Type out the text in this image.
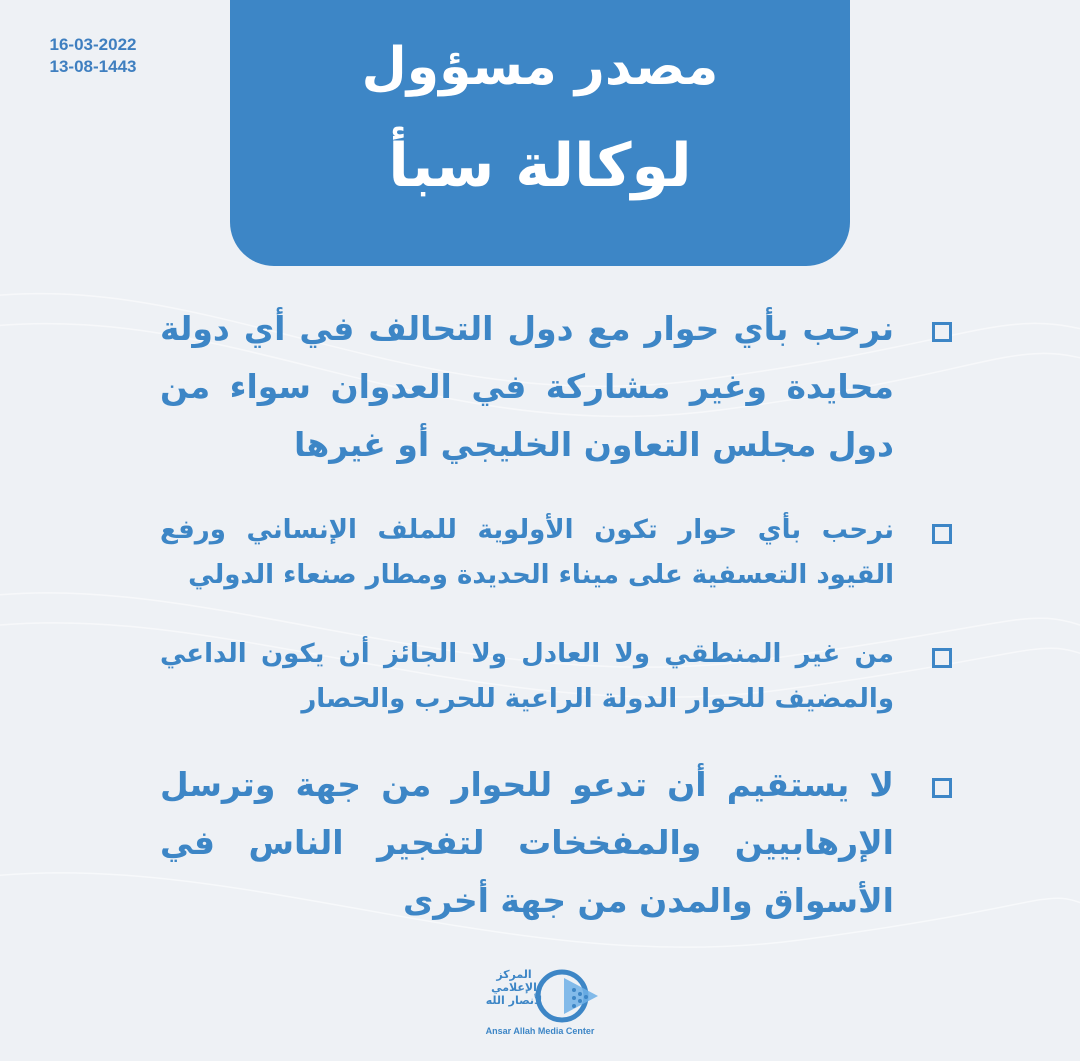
16-03-2022
13-08-1443	مصدر مسؤول
لوكالة سبأ
نرحب بأي حوار مع دول التحالف في أي دولة محايدة وغير مشاركة في العدوان سواء من دول مجلس التعاون الخليجي أو غيرها
نرحب بأي حوار تكون الأولوية للملف الإنساني ورفع القيود التعسفية على ميناء الحديدة ومطار صنعاء الدولي
من غير المنطقي ولا العادل ولا الجائز أن يكون الداعي والمضيف للحوار الدولة الراعية للحرب والحصار
لا يستقيم أن تدعو للحوار من جهة وترسل الإرهابيين والمفخخات لتفجير الناس في الأسواق والمدن من جهة أخرى
المركز
الإعلامي
لأنصار الله
Ansar Allah Media Center
